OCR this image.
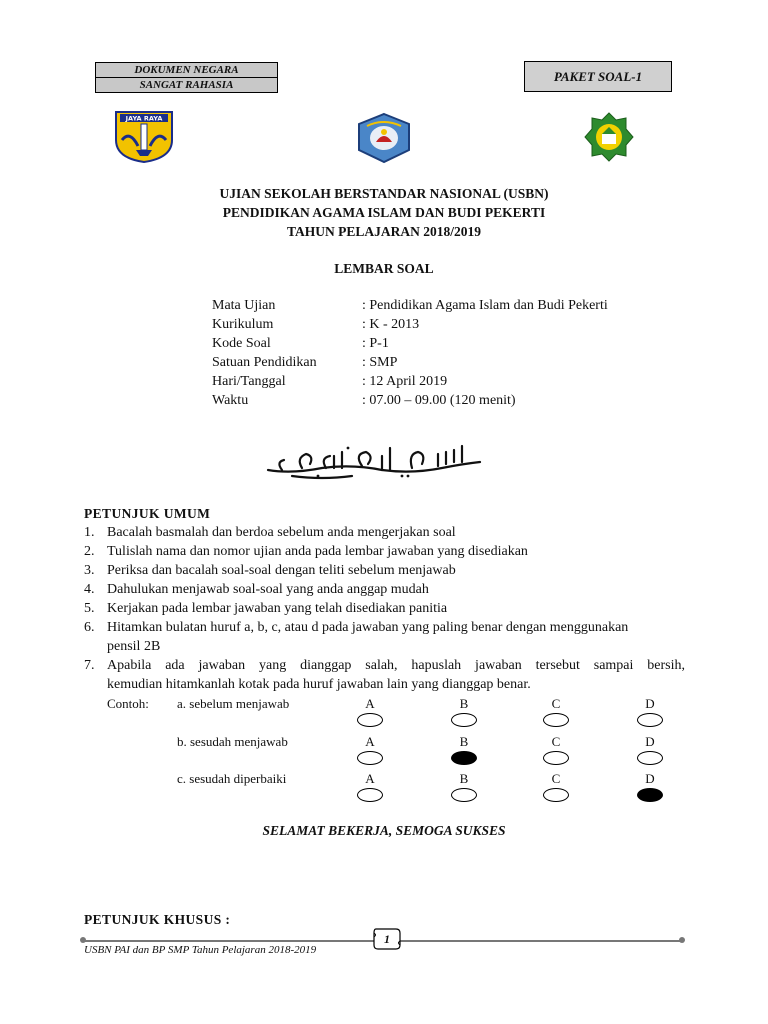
DOKUMEN NEGARA
SANGAT RAHASIA
PAKET SOAL-1
JAYA RAYA
UJIAN SEKOLAH BERSTANDAR NASIONAL (USBN)
PENDIDIKAN AGAMA ISLAM DAN BUDI PEKERTI
TAHUN PELAJARAN 2018/2019
LEMBAR SOAL
Mata Ujian	: Pendidikan Agama Islam dan Budi Pekerti
Kurikulum	: K - 2013
Kode Soal	: P-1
Satuan Pendidikan	: SMP
Hari/Tanggal	: 12 April 2019
Waktu	: 07.00 – 09.00 (120 menit)
PETUNJUK UMUM
1. Bacalah basmalah dan berdoa sebelum anda mengerjakan soal
2. Tulislah nama dan nomor ujian anda pada lembar jawaban yang disediakan
3. Periksa dan bacalah soal-soal dengan teliti sebelum menjawab
4. Dahulukan menjawab soal-soal yang anda anggap mudah
5. Kerjakan pada lembar jawaban yang telah disediakan panitia
6. Hitamkan bulatan huruf a, b, c, atau d pada jawaban yang paling benar dengan menggunakan
pensil 2B
7. Apabila ada jawaban yang dianggap salah, hapuslah jawaban tersebut sampai bersih,
kemudian hitamkanlah kotak pada huruf jawaban lain yang dianggap benar.
Contoh: a. sebelum menjawab	A	B	C	D
b. sesudah menjawab	A	B	C	D
c. sesudah diperbaiki	A	B	C	D
SELAMAT BEKERJA, SEMOGA SUKSES
PETUNJUK KHUSUS :
USBN PAI dan BP SMP Tahun Pelajaran 2018-2019
1
